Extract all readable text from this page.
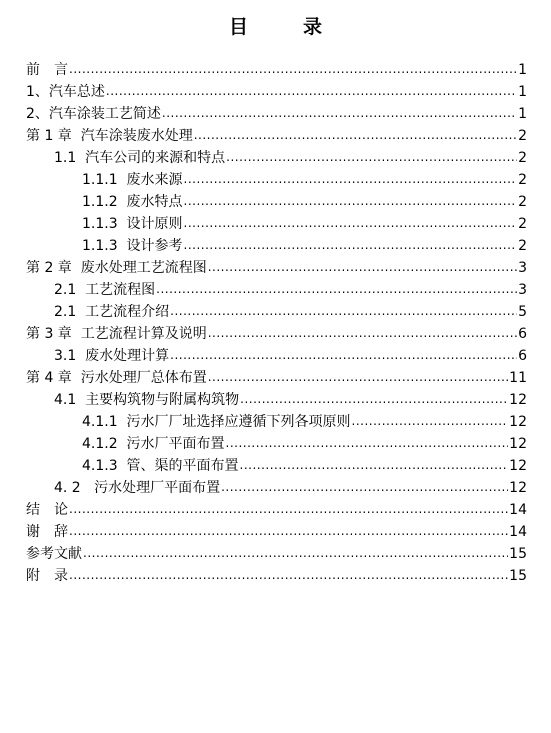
目　录
前　言 .....	1
1、汽车总述 .....	1
2、汽车涂装工艺简述 .....	1
第 1 章  汽车涂装废水处理 .....	2
1.1  汽车公司的来源和特点 .....	2
1.1.1  废水来源 .....	2
1.1.2  废水特点 .....	2
1.1.3  设计原则 .....	2
1.1.3  设计参考 .....	2
第 2 章  废水处理工艺流程图 .....	3
2.1  工艺流程图 .....	3
2.1  工艺流程介绍 .....	5
第 3 章  工艺流程计算及说明 .....	6
3.1  废水处理计算 .....	6
第 4 章  污水处理厂总体布置 .....	11
4.1  主要构筑物与附属构筑物 .....	12
4.1.1  污水厂厂址选择应遵循下列各项原则 .....	12
4.1.2  污水厂平面布置 .....	12
4.1.3  管、渠的平面布置 .....	12
4. 2   污水处理厂平面布置 .....	12
结　论 .....	14
谢　辞 .....	14
参考文献 .....	15
附　录 .....	15
